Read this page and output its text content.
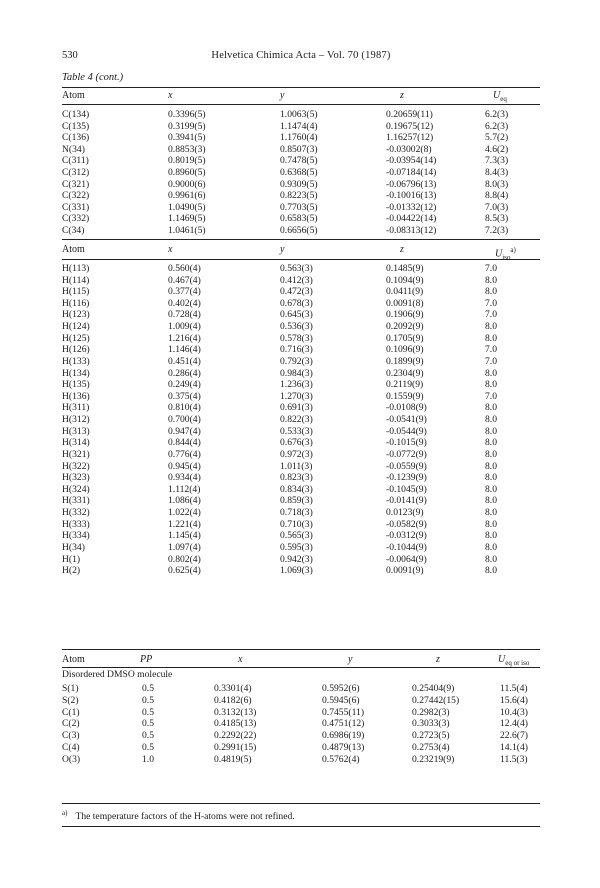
530	Helvetica Chimica Acta – Vol. 70 (1987)
Table 4 (cont.)
Atom	x	y	z	$U_{eq}$
C(134)	0.3396(5)	1.0063(5)	0.20659(11)	6.2(3)
C(135)	0.3199(5)	1.1474(4)	0.19675(12)	6.2(3)
C(136)	0.3941(5)	1.1760(4)	1.16257(12)	5.7(2)
N(34)	0.8853(3)	0.8507(3)	-0.03002(8)	4.6(2)
C(311)	0.8019(5)	0.7478(5)	-0.03954(14)	7.3(3)
C(312)	0.8960(5)	0.6368(5)	-0.07184(14)	8.4(3)
C(321)	0.9000(6)	0.9309(5)	-0.06796(13)	8.0(3)
C(322)	0.9961(6)	0.8223(5)	-0.10016(13)	8.8(4)
C(331)	1.0490(5)	0.7703(5)	-0.01332(12)	7.0(3)
C(332)	1.1469(5)	0.6583(5)	-0.04422(14)	8.5(3)
C(34)	1.0461(5)	0.6656(5)	-0.08313(12)	7.2(3)
Atom	x	y	z	$U_{iso}^{a)}$
H(113)	0.560(4)	0.563(3)	0.1485(9)	7.0
H(114)	0.467(4)	0.412(3)	0.1094(9)	8.0
H(115)	0.377(4)	0.472(3)	0.0411(9)	8.0
H(116)	0.402(4)	0.678(3)	0.0091(8)	7.0
H(123)	0.728(4)	0.645(3)	0.1906(9)	7.0
H(124)	1.009(4)	0.536(3)	0.2092(9)	8.0
H(125)	1.216(4)	0.578(3)	0.1705(9)	8.0
H(126)	1.146(4)	0.716(3)	0.1096(9)	7.0
H(133)	0.451(4)	0.792(3)	0.1899(9)	7.0
H(134)	0.286(4)	0.984(3)	0.2304(9)	8.0
H(135)	0.249(4)	1.236(3)	0.2119(9)	8.0
H(136)	0.375(4)	1.270(3)	0.1559(9)	7.0
H(311)	0.810(4)	0.691(3)	-0.0108(9)	8.0
H(312)	0.700(4)	0.822(3)	-0.0541(9)	8.0
H(313)	0.947(4)	0.533(3)	-0.0544(9)	8.0
H(314)	0.844(4)	0.676(3)	-0.1015(9)	8.0
H(321)	0.776(4)	0.972(3)	-0.0772(9)	8.0
H(322)	0.945(4)	1.011(3)	-0.0559(9)	8.0
H(323)	0.934(4)	0.823(3)	-0.1239(9)	8.0
H(324)	1.112(4)	0.834(3)	-0.1045(9)	8.0
H(331)	1.086(4)	0.859(3)	-0.0141(9)	8.0
H(332)	1.022(4)	0.718(3)	0.0123(9)	8.0
H(333)	1.221(4)	0.710(3)	-0.0582(9)	8.0
H(334)	1.145(4)	0.565(3)	-0.0312(9)	8.0
H(34)	1.097(4)	0.595(3)	-0.1044(9)	8.0
H(1)	0.802(4)	0.942(3)	-0.0064(9)	8.0
H(2)	0.625(4)	1.069(3)	0.0091(9)	8.0
Atom	PP	x	y	z	$U_{eq or iso}$
Disordered DMSO molecule
S(1)	0.5	0.3301(4)	0.5952(6)	0.25404(9)	11.5(4)
S(2)	0.5	0.4182(6)	0.5945(6)	0.27442(15)	15.6(4)
C(1)	0.5	0.3132(13)	0.7455(11)	0.2982(3)	10.4(3)
C(2)	0.5	0.4185(13)	0.4751(12)	0.3033(3)	12.4(4)
C(3)	0.5	0.2292(22)	0.6986(19)	0.2723(5)	22.6(7)
C(4)	0.5	0.2991(15)	0.4879(13)	0.2753(4)	14.1(4)
O(3)	1.0	0.4819(5)	0.5762(4)	0.23219(9)	11.5(3)
$^{a)}$ The temperature factors of the H-atoms were not refined.
